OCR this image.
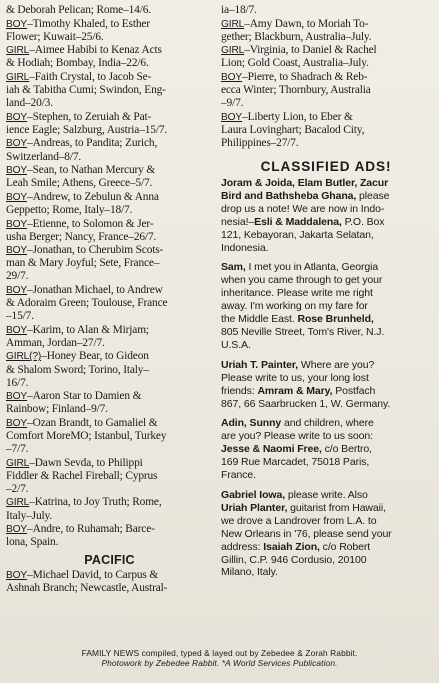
& Deborah Pelican; Rome–14/6.
BOY–Timothy Khaled, to Esther
Flower; Kuwait–25/6.
GIRL–Aimee Habibi to Kenaz Acts
& Hodiah; Bombay, India–22/6.
GIRL–Faith Crystal, to Jacob Se-
iah & Tabitha Cumi; Swindon, Eng-
land–20/3.
BOY–Stephen, to Zeruiah & Pat-
ience Eagle; Salzburg, Austria–15/7.
BOY–Andreas, to Pandita; Zurich,
Switzerland–8/7.
BOY–Sean, to Nathan Mercury &
Leah Smile; Athens, Greece–5/7.
BOY–Andrew, to Zebulun & Anna
Geppetto; Rome, Italy–18/7.
BOY–Etienne, to Solomon & Jer-
usha Berger; Nancy, France–26/7.
BOY–Jonathan, to Cherubim Scots-
man & Mary Joyful; Sete, France–
29/7.
BOY–Jonathan Michael, to Andrew
& Adoraim Green; Toulouse, France
–15/7.
BOY–Karim, to Alan & Mirjam;
Amman, Jordan–27/7.
GIRL(?)–Honey Bear, to Gideon
& Shalom Sword; Torino, Italy–
16/7.
BOY–Aaron Star to Damien &
Rainbow; Finland–9/7.
BOY–Ozan Brandt, to Gamaliel &
Comfort MoreMO; Istanbul, Turkey
–7/7.
GIRL–Dawn Sevda, to Philippi
Fiddler & Rachel Fireball; Cyprus
–2/7.
GIRL–Katrina, to Joy Truth; Rome,
Italy–July.
BOY–Andre, to Ruhamah; Barce-
lona, Spain.
PACIFIC
BOY–Michael David, to Carpus &
Ashnah Branch; Newcastle, Austral-
ia–18/7.
GIRL–Amy Dawn, to Moriah To-
gether; Blackburn, Australia–July.
GIRL–Virginia, to Daniel & Rachel
Lion; Gold Coast, Australia–July.
BOY–Pierre, to Shadrach & Reb-
ecca Winter; Thornbury, Australia
–9/7.
BOY–Liberty Lion, to Eber &
Laura Lovinghart; Bacalod City,
Philippines–27/7.
CLASSIFIED ADS!
Joram & Joida, Elam Butler, Zacur
Bird and Bathsheba Ghana, please
drop us a note! We are now in Indo-
nesia!–Esli & Maddalena, P.O. Box
121, Kebayoran, Jakarta Selatan,
Indonesia.
Sam, I met you in Atlanta, Georgia
when you came through to get your
inheritance. Please write me right
away. I'm working on my fare for
the Middle East. Rose Brunheld,
805 Neville Street, Tom's River, N.J.
U.S.A.
Uriah T. Painter, Where are you?
Please write to us, your long lost
friends: Amram & Mary, Postfach
867, 66 Saarbrucken 1, W. Germany.
Adin, Sunny and children, where
are you? Please write to us soon:
Jesse & Naomi Free, c/o Bertro,
169 Rue Marcadet, 75018 Paris,
France.
Gabriel Iowa, please write. Also
Uriah Planter, guitarist from Hawaii,
we drove a Landrover from L.A. to
New Orleans in '76, please send your
address: Isaiah Zion, c/o Robert
Gillin, C.P. 946 Cordusio, 20100
Milano, Italy.
FAMILY NEWS compiled, typed & layed out by Zebedee & Zorah Rabbit.
Photowork by Zebedee Rabbit. *A World Services Publication.
